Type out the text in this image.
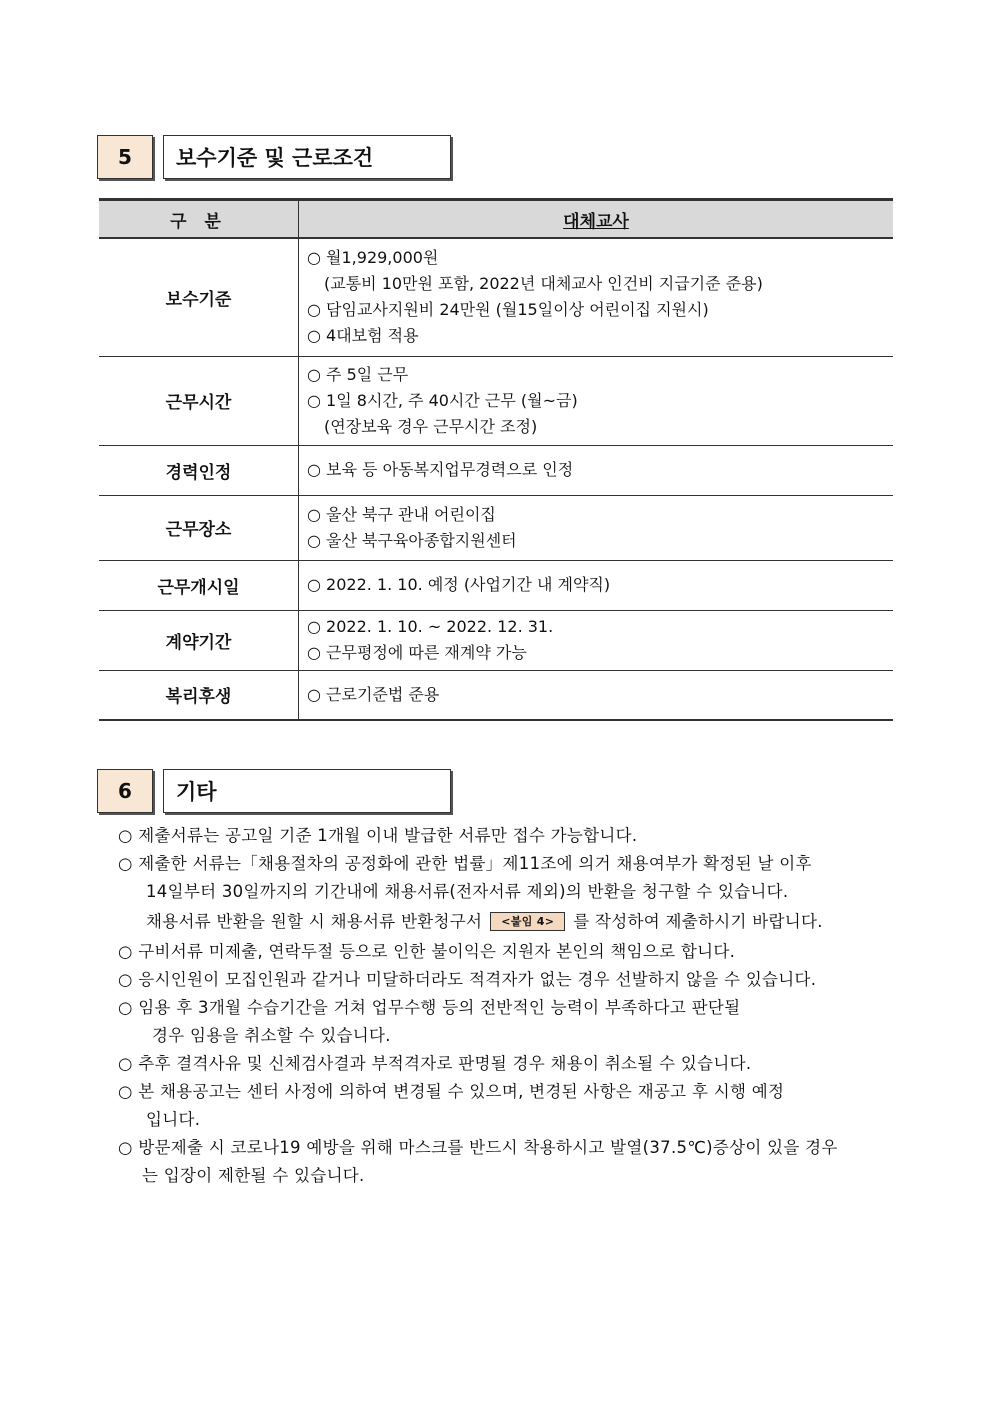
5	보수기준 및 근로조건
구 분	대체교사
보수기준	○ 월1,929,000원
(교통비 10만원 포함, 2022년 대체교사 인건비 지급기준 준용)
○ 담임교사지원비 24만원 (월15일이상 어린이집 지원시)
○ 4대보험 적용

근무시간	○ 주 5일 근무
○ 1일 8시간, 주 40시간 근무 (월~금)
(연장보육 경우 근무시간 조정)

경력인정	○ 보육 등 아동복지업무경력으로 인정

근무장소	○ 울산 북구 관내 어린이집
○ 울산 북구육아종합지원센터

근무개시일	○ 2022. 1. 10. 예정 (사업기간 내 계약직)

계약기간	○ 2022. 1. 10. ~ 2022. 12. 31.
○ 근무평정에 따른 재계약 가능

복리후생	○ 근로기준법 준용
6	기타

○ 제출서류는 공고일 기준 1개월 이내 발급한 서류만 접수 가능합니다.

○ 제출한 서류는「채용절차의 공정화에 관한 법률」제11조에 의거 채용여부가 확정된 날 이후

14일부터 30일까지의 기간내에 채용서류(전자서류 제외)의 반환을 청구할 수 있습니다.

채용서류 반환을 원할 시 채용서류 반환청구서 <붙임 4> 를 작성하여 제출하시기 바랍니다.

○ 구비서류 미제출, 연락두절 등으로 인한 불이익은 지원자 본인의 책임으로 합니다.

○ 응시인원이 모집인원과 같거나 미달하더라도 적격자가 없는 경우 선발하지 않을 수 있습니다.

○ 임용 후 3개월 수습기간을 거쳐 업무수행 등의 전반적인 능력이 부족하다고 판단될

경우 임용을 취소할 수 있습니다.

○ 추후 결격사유 및 신체검사결과 부적격자로 판명될 경우 채용이 취소될 수 있습니다.

○ 본 채용공고는 센터 사정에 의하여 변경될 수 있으며, 변경된 사항은 재공고 후 시행 예정

입니다.

○ 방문제출 시 코로나19 예방을 위해 마스크를 반드시 착용하시고 발열(37.5℃)증상이 있을 경우

는 입장이 제한될 수 있습니다.
